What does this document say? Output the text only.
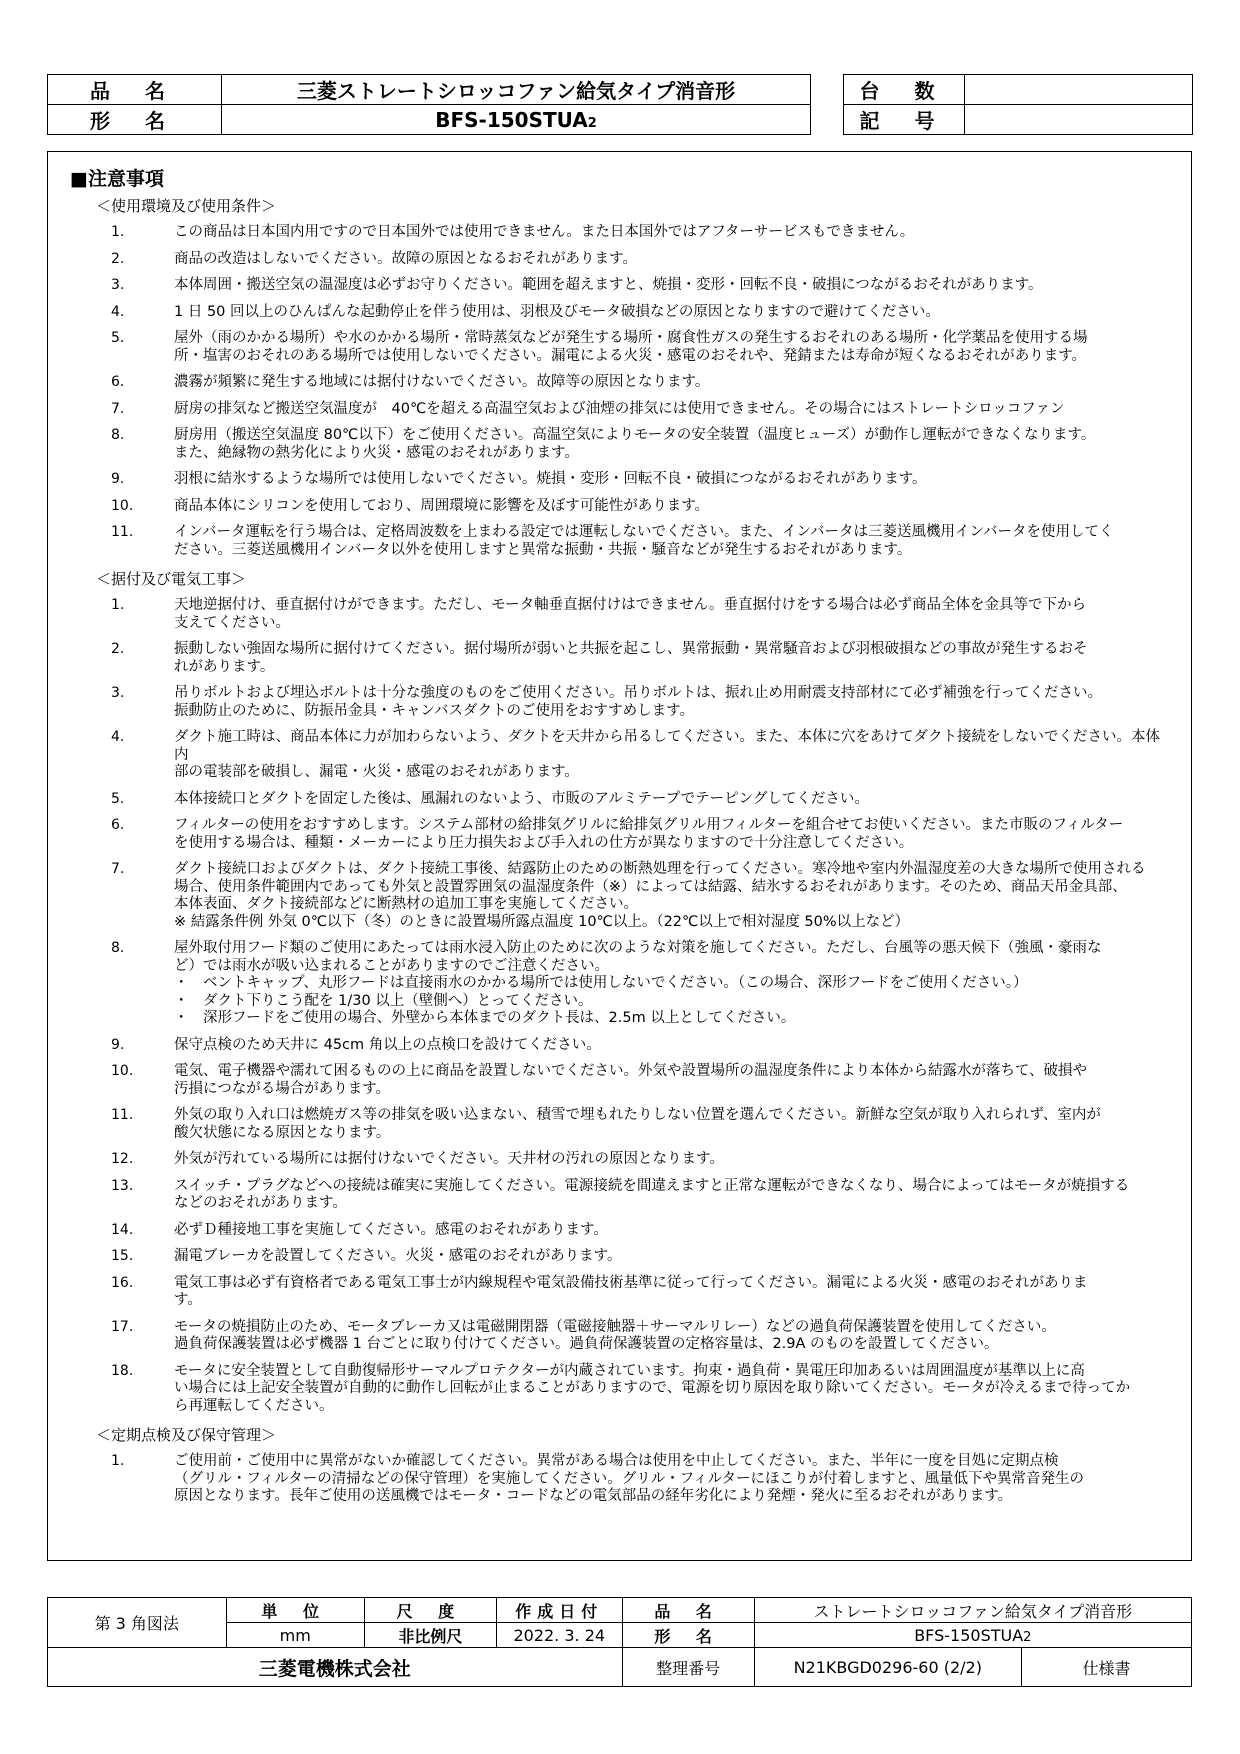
品 名	三菱ストレートシロッコファン給気タイプ消音形
形 名	BFS-150STUA2
台 数	
記 号	
■注意事項
＜使用環境及び使用条件＞
1.	この商品は日本国内用ですので日本国外では使用できません。また日本国外ではアフターサービスもできません。
2.	商品の改造はしないでください。故障の原因となるおそれがあります。
3.	本体周囲・搬送空気の温湿度は必ずお守りください。範囲を超えますと、焼損・変形・回転不良・破損につながるおそれがあります。
4.	1 日 50 回以上のひんぱんな起動停止を伴う使用は、羽根及びモータ破損などの原因となりますので避けてください。
5.	屋外（雨のかかる場所）や水のかかる場所・常時蒸気などが発生する場所・腐食性ガスの発生するおそれのある場所・化学薬品を使用する場
所・塩害のおそれのある場所では使用しないでください。漏電による火災・感電のおそれや、発錆または寿命が短くなるおそれがあります。
6.	濃霧が頻繁に発生する地域には据付けないでください。故障等の原因となります。
7.	厨房の排気など搬送空気温度が　40℃を超える高温空気および油煙の排気には使用できません。その場合にはストレートシロッコファン
8.	厨房用（搬送空気温度 80℃以下）をご使用ください。高温空気によりモータの安全装置（温度ヒューズ）が動作し運転ができなくなります。
また、絶縁物の熱劣化により火災・感電のおそれがあります。
9.	羽根に結氷するような場所では使用しないでください。焼損・変形・回転不良・破損につながるおそれがあります。
10.	商品本体にシリコンを使用しており、周囲環境に影響を及ぼす可能性があります。
11.	インバータ運転を行う場合は、定格周波数を上まわる設定では運転しないでください。また、インバータは三菱送風機用インバータを使用してく
ださい。三菱送風機用インバータ以外を使用しますと異常な振動・共振・騒音などが発生するおそれがあります。
＜据付及び電気工事＞
1.	天地逆据付け、垂直据付けができます。ただし、モータ軸垂直据付けはできません。垂直据付けをする場合は必ず商品全体を金具等で下から
支えてください。
2.	振動しない強固な場所に据付けてください。据付場所が弱いと共振を起こし、異常振動・異常騒音および羽根破損などの事故が発生するおそ
れがあります。
3.	吊りボルトおよび埋込ボルトは十分な強度のものをご使用ください。吊りボルトは、振れ止め用耐震支持部材にて必ず補強を行ってください。
振動防止のために、防振吊金具・キャンバスダクトのご使用をおすすめします。
4.	ダクト施工時は、商品本体に力が加わらないよう、ダクトを天井から吊るしてください。また、本体に穴をあけてダクト接続をしないでください。本体内
部の電装部を破損し、漏電・火災・感電のおそれがあります。
5.	本体接続口とダクトを固定した後は、風漏れのないよう、市販のアルミテープでテーピングしてください。
6.	フィルターの使用をおすすめします。システム部材の給排気グリルに給排気グリル用フィルターを組合せてお使いください。また市販のフィルター
を使用する場合は、種類・メーカーにより圧力損失および手入れの仕方が異なりますので十分注意してください。
7.	ダクト接続口およびダクトは、ダクト接続工事後、結露防止のための断熱処理を行ってください。寒冷地や室内外温湿度差の大きな場所で使用される
場合、使用条件範囲内であっても外気と設置雰囲気の温湿度条件（※）によっては結露、結氷するおそれがあります。そのため、商品天吊金具部、
本体表面、ダクト接続部などに断熱材の追加工事を実施してください。
※ 結露条件例 外気 0℃以下（冬）のときに設置場所露点温度 10℃以上。（22℃以上で相対湿度 50%以上など）
8.	屋外取付用フード類のご使用にあたっては雨水浸入防止のために次のような対策を施してください。ただし、台風等の悪天候下（強風・豪雨な
ど）では雨水が吸い込まれることがありますのでご注意ください。
・　ベントキャップ、丸形フードは直接雨水のかかる場所では使用しないでください。（この場合、深形フードをご使用ください。）
・　ダクト下りこう配を 1/30 以上（壁側へ）とってください。
・　深形フードをご使用の場合、外壁から本体までのダクト長は、2.5m 以上としてください。
9.	保守点検のため天井に 45cm 角以上の点検口を設けてください。
10.	電気、電子機器や濡れて困るものの上に商品を設置しないでください。外気や設置場所の温湿度条件により本体から結露水が落ちて、破損や
汚損につながる場合があります。
11.	外気の取り入れ口は燃焼ガス等の排気を吸い込まない、積雪で埋もれたりしない位置を選んでください。新鮮な空気が取り入れられず、室内が
酸欠状態になる原因となります。
12.	外気が汚れている場所には据付けないでください。天井材の汚れの原因となります。
13.	スイッチ・プラグなどへの接続は確実に実施してください。電源接続を間違えますと正常な運転ができなくなり、場合によってはモータが焼損する
などのおそれがあります。
14.	必ずＤ種接地工事を実施してください。感電のおそれがあります。
15.	漏電ブレーカを設置してください。火災・感電のおそれがあります。
16.	電気工事は必ず有資格者である電気工事士が内線規程や電気設備技術基準に従って行ってください。漏電による火災・感電のおそれがありま
す。
17.	モータの焼損防止のため、モータブレーカ又は電磁開閉器（電磁接触器＋サーマルリレー）などの過負荷保護装置を使用してください。
過負荷保護装置は必ず機器 1 台ごとに取り付けてください。過負荷保護装置の定格容量は、2.9A のものを設置してください。
18.	モータに安全装置として自動復帰形サーマルプロテクターが内蔵されています。拘束・過負荷・異電圧印加あるいは周囲温度が基準以上に高
い場合には上記安全装置が自動的に動作し回転が止まることがありますので、電源を切り原因を取り除いてください。モータが冷えるまで待ってか
ら再運転してください。
＜定期点検及び保守管理＞
1.	ご使用前・ご使用中に異常がないか確認してください。異常がある場合は使用を中止してください。また、半年に一度を目処に定期点検
（グリル・フィルターの清掃などの保守管理）を実施してください。グリル・フィルターにほこりが付着しますと、風量低下や異常音発生の
原因となります。長年ご使用の送風機ではモータ・コードなどの電気部品の経年劣化により発煙・発火に至るおそれがあります。
第 3 角図法	単 位	尺 度	作成日付	品 名	ストレートシロッコファン給気タイプ消音形	
	mm	非比例尺	2022. 3. 24	形 名	BFS-150STUA2	
三菱電機株式会社				整理番号	N21KBGD0296-60 (2/2)	仕様書
